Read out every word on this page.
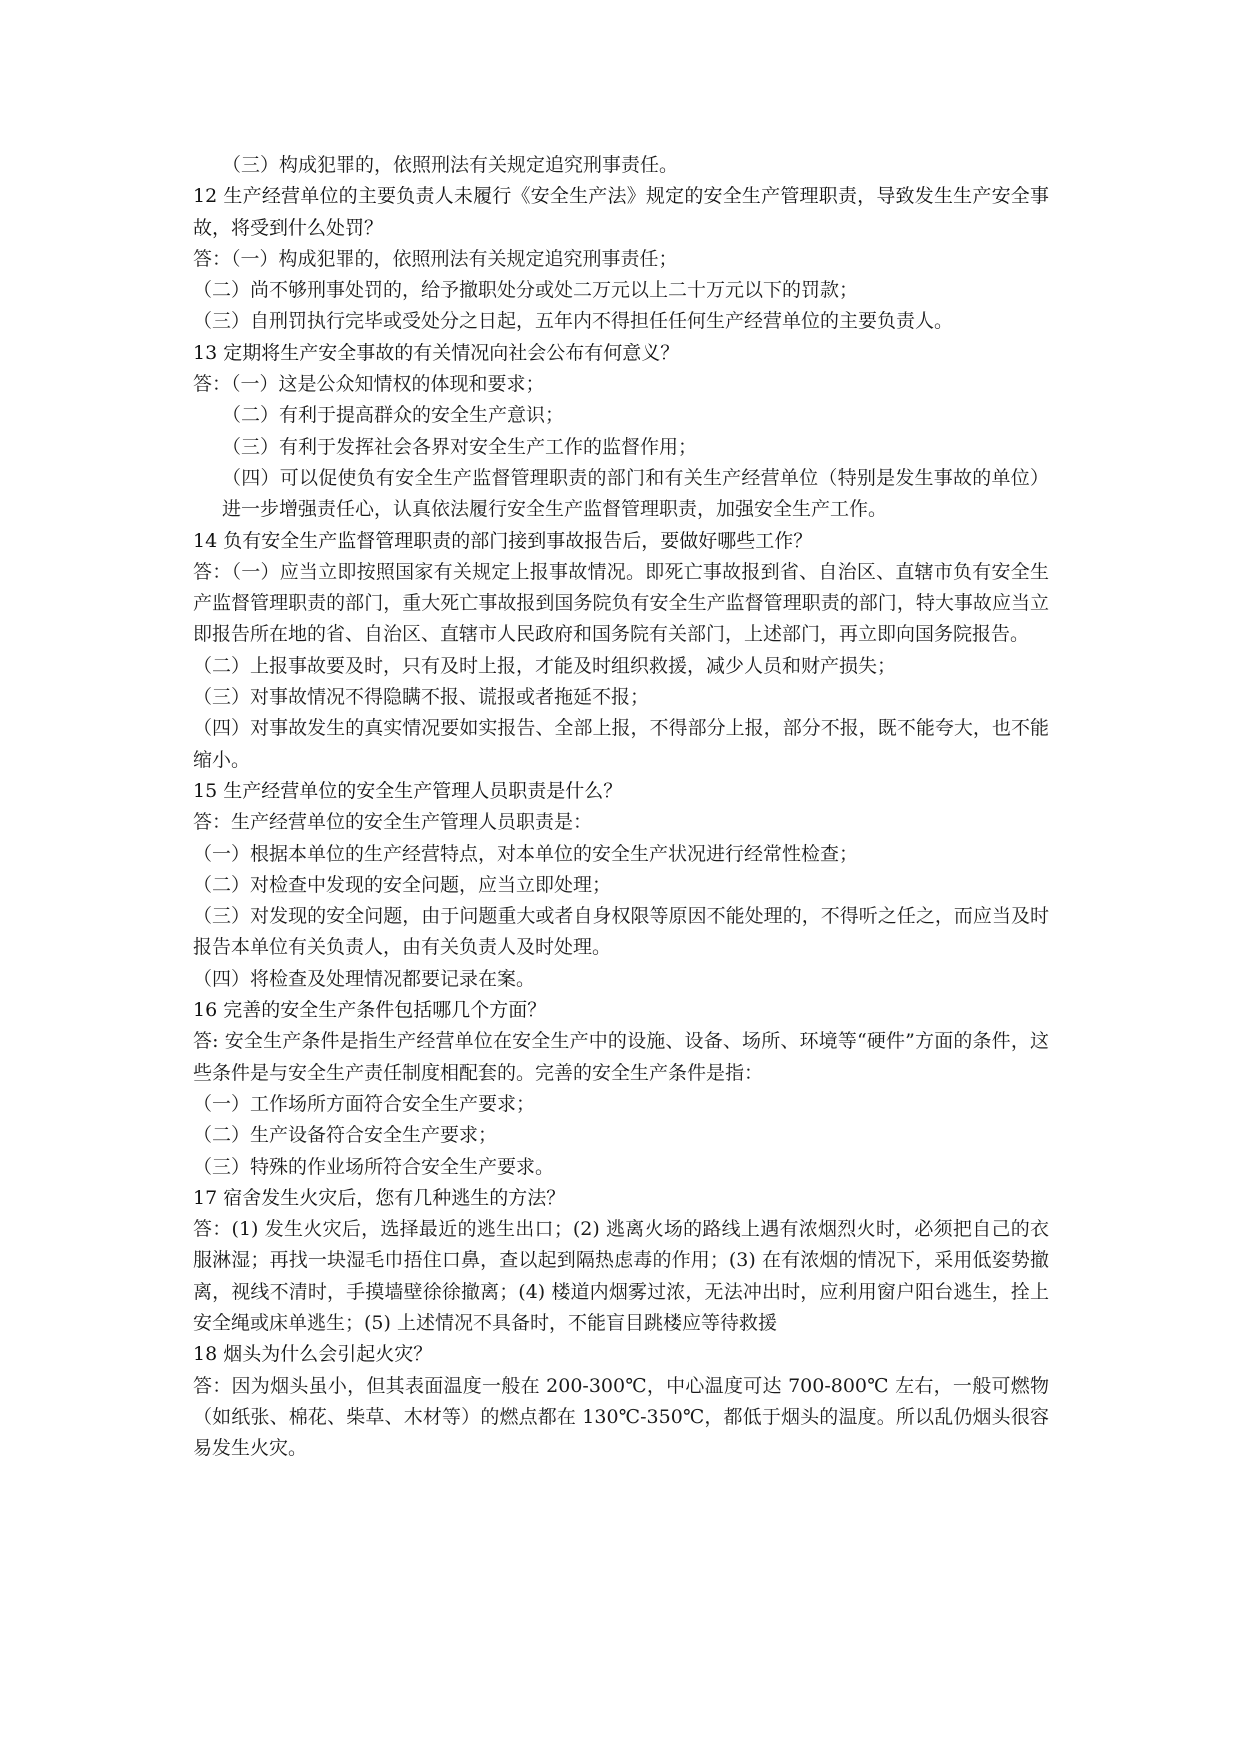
（三）构成犯罪的，依照刑法有关规定追究刑事责任。

12 生产经营单位的主要负责人未履行《安全生产法》规定的安全生产管理职责，导致发生生产安全事故，将受到什么处罚？

答：（一）构成犯罪的，依照刑法有关规定追究刑事责任；

（二）尚不够刑事处罚的，给予撤职处分或处二万元以上二十万元以下的罚款；

（三）自刑罚执行完毕或受处分之日起，五年内不得担任任何生产经营单位的主要负责人。

13 定期将生产安全事故的有关情况向社会公布有何意义？

答：（一）这是公众知情权的体现和要求；

（二）有利于提高群众的安全生产意识；

（三）有利于发挥社会各界对安全生产工作的监督作用；

（四）可以促使负有安全生产监督管理职责的部门和有关生产经营单位（特别是发生事故的单位）进一步增强责任心，认真依法履行安全生产监督管理职责，加强安全生产工作。

14 负有安全生产监督管理职责的部门接到事故报告后，要做好哪些工作？

答：（一）应当立即按照国家有关规定上报事故情况。即死亡事故报到省、自治区、直辖市负有安全生产监督管理职责的部门，重大死亡事故报到国务院负有安全生产监督管理职责的部门，特大事故应当立即报告所在地的省、自治区、直辖市人民政府和国务院有关部门，上述部门，再立即向国务院报告。

（二）上报事故要及时，只有及时上报，才能及时组织救援，减少人员和财产损失；

（三）对事故情况不得隐瞒不报、谎报或者拖延不报；

（四）对事故发生的真实情况要如实报告、全部上报，不得部分上报，部分不报，既不能夸大，也不能缩小。

15 生产经营单位的安全生产管理人员职责是什么？

答：生产经营单位的安全生产管理人员职责是：

（一）根据本单位的生产经营特点，对本单位的安全生产状况进行经常性检查；

（二）对检查中发现的安全问题，应当立即处理；

（三）对发现的安全问题，由于问题重大或者自身权限等原因不能处理的，不得听之任之，而应当及时报告本单位有关负责人，由有关负责人及时处理。

（四）将检查及处理情况都要记录在案。

16 完善的安全生产条件包括哪几个方面？

答: 安全生产条件是指生产经营单位在安全生产中的设施、设备、场所、环境等“硬件”方面的条件，这些条件是与安全生产责任制度相配套的。完善的安全生产条件是指：

（一）工作场所方面符合安全生产要求；

（二）生产设备符合安全生产要求；

（三）特殊的作业场所符合安全生产要求。

17 宿舍发生火灾后，您有几种逃生的方法？

答：(1) 发生火灾后，选择最近的逃生出口；(2) 逃离火场的路线上遇有浓烟烈火时，必须把自己的衣服淋湿；再找一块湿毛巾捂住口鼻，查以起到隔热虑毒的作用；(3) 在有浓烟的情况下，采用低姿势撤离，视线不清时，手摸墙壁徐徐撤离；(4) 楼道内烟雾过浓，无法冲出时，应利用窗户阳台逃生，拴上安全绳或床单逃生；(5) 上述情况不具备时，不能盲目跳楼应等待救援

18 烟头为什么会引起火灾？

答：因为烟头虽小，但其表面温度一般在 200-300℃，中心温度可达 700-800℃ 左右，一般可燃物（如纸张、棉花、柴草、木材等）的燃点都在 130℃-350℃，都低于烟头的温度。所以乱仍烟头很容易发生火灾。
